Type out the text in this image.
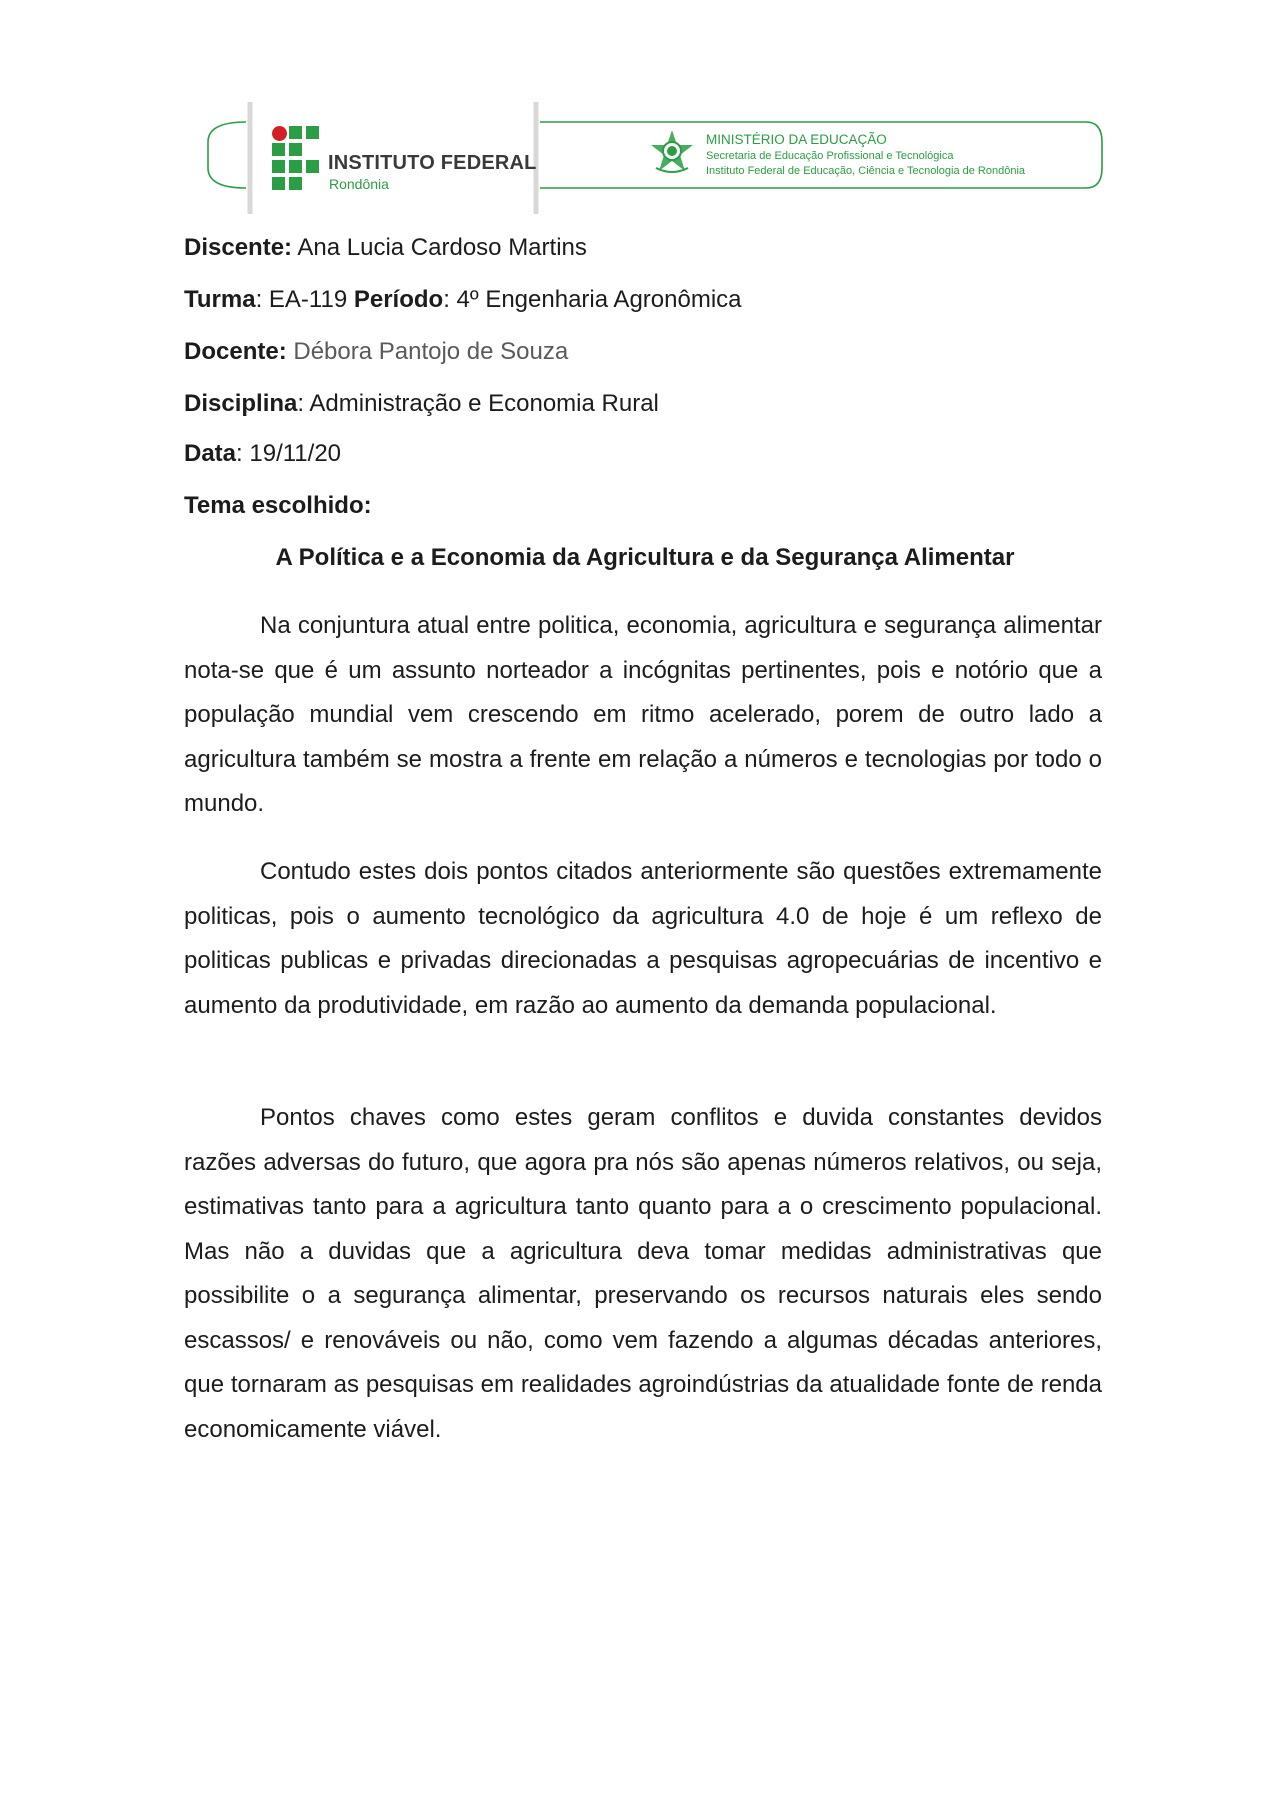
INSTITUTO FEDERAL
Rondônia
MINISTÉRIO DA EDUCAÇÃO
Secretaria de Educação Profissional e Tecnológica
Instituto Federal de Educação, Ciência e Tecnologia de Rondônia
Discente: Ana Lucia Cardoso Martins
Turma: EA-119 Período: 4º Engenharia Agronômica
Docente: Débora Pantojo de Souza
Disciplina: Administração e Economia Rural
Data: 19/11/20
Tema escolhido:
A Política e a Economia da Agricultura e da Segurança Alimentar

Na conjuntura atual entre politica, economia, agricultura e segurança alimentar nota-se que é um assunto norteador a incógnitas pertinentes, pois e notório que a população mundial vem crescendo em ritmo acelerado, porem de outro lado a agricultura também se mostra a frente em relação a números e tecnologias por todo o mundo.

Contudo estes dois pontos citados anteriormente são questões extremamente politicas, pois o aumento tecnológico da agricultura 4.0 de hoje é um reflexo de politicas publicas e privadas direcionadas a pesquisas agropecuárias de incentivo e aumento da produtividade, em razão ao aumento da demanda populacional.

Pontos chaves como estes geram conflitos e duvida constantes devidos razões adversas do futuro, que agora pra nós são apenas números relativos, ou seja, estimativas tanto para a agricultura tanto quanto para a o crescimento populacional. Mas não a duvidas que a agricultura deva tomar medidas administrativas que possibilite o a segurança alimentar, preservando os recursos naturais eles sendo escassos/ e renováveis ou não, como vem fazendo a algumas décadas anteriores, que tornaram as pesquisas em realidades agroindústrias da atualidade fonte de renda economicamente viável.
